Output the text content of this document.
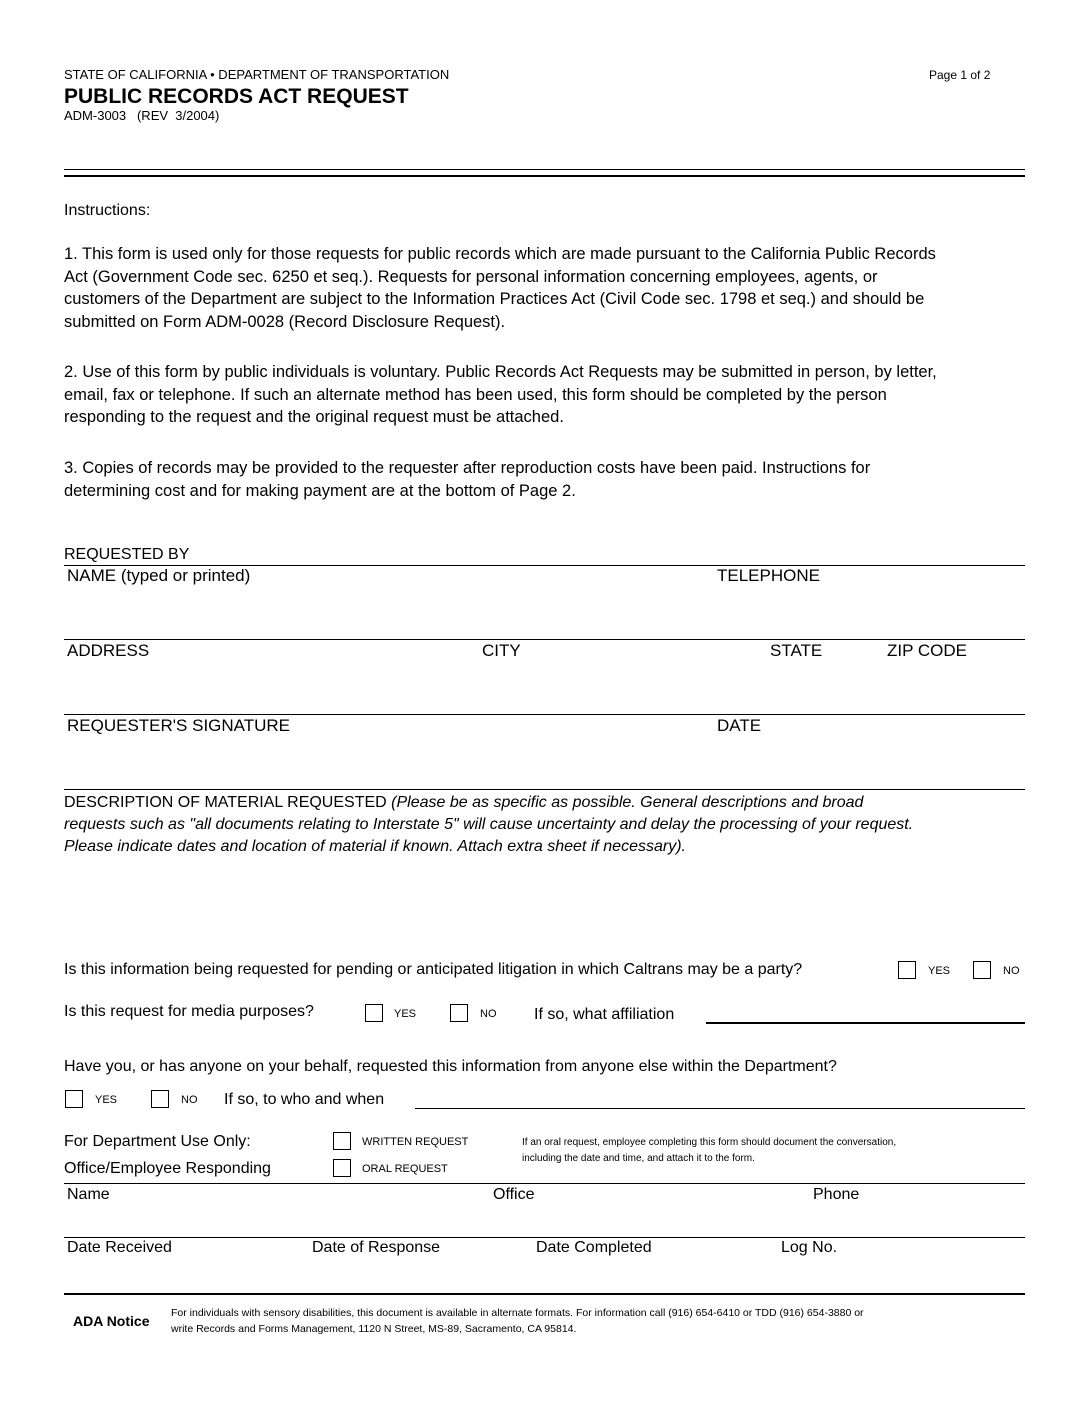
STATE OF CALIFORNIA • DEPARTMENT OF TRANSPORTATION	Page 1 of 2
PUBLIC RECORDS ACT REQUEST
ADM-3003   (REV  3/2004)
Instructions:
1. This form is used only for those requests for public records which are made pursuant to the California Public Records
Act (Government Code sec. 6250 et seq.). Requests for personal information concerning employees, agents, or
customers of the Department are subject to the Information Practices Act (Civil Code sec. 1798 et seq.) and should be
submitted on Form ADM-0028 (Record Disclosure Request).
2. Use of this form by public individuals is voluntary. Public Records Act Requests may be submitted in person, by letter,
email, fax or telephone. If such an alternate method has been used, this form should be completed by the person
responding to the request and the original request must be attached.
3. Copies of records may be provided to the requester after reproduction costs have been paid. Instructions for
determining cost and for making payment are at the bottom of Page 2.
REQUESTED BY
NAME (typed or printed)	TELEPHONE
ADDRESS	CITY	STATE	ZIP CODE
REQUESTER'S SIGNATURE	DATE
DESCRIPTION OF MATERIAL REQUESTED (Please be as specific as possible. General descriptions and broad
requests such as "all documents relating to Interstate 5" will cause uncertainty and delay the processing of your request.
Please indicate dates and location of material if known. Attach extra sheet if necessary).
Is this information being requested for pending or anticipated litigation in which Caltrans may be a party?	YES	NO
Is this request for media purposes?	YES	NO If so, what affiliation
Have you, or has anyone on your behalf, requested this information from anyone else within the Department?
YES	NO If so, to who and when
For Department Use Only:
Office/Employee Responding
WRITTEN REQUEST
ORAL REQUEST
If an oral request, employee completing this form should document the conversation,
including the date and time, and attach it to the form.
Name	Office	Phone
Date Received	Date of Response	Date Completed	Log No.
ADA Notice For individuals with sensory disabilities, this document is available in alternate formats. For information call (916) 654-6410 or TDD (916) 654-3880 or
write Records and Forms Management, 1120 N Street, MS-89, Sacramento, CA 95814.
